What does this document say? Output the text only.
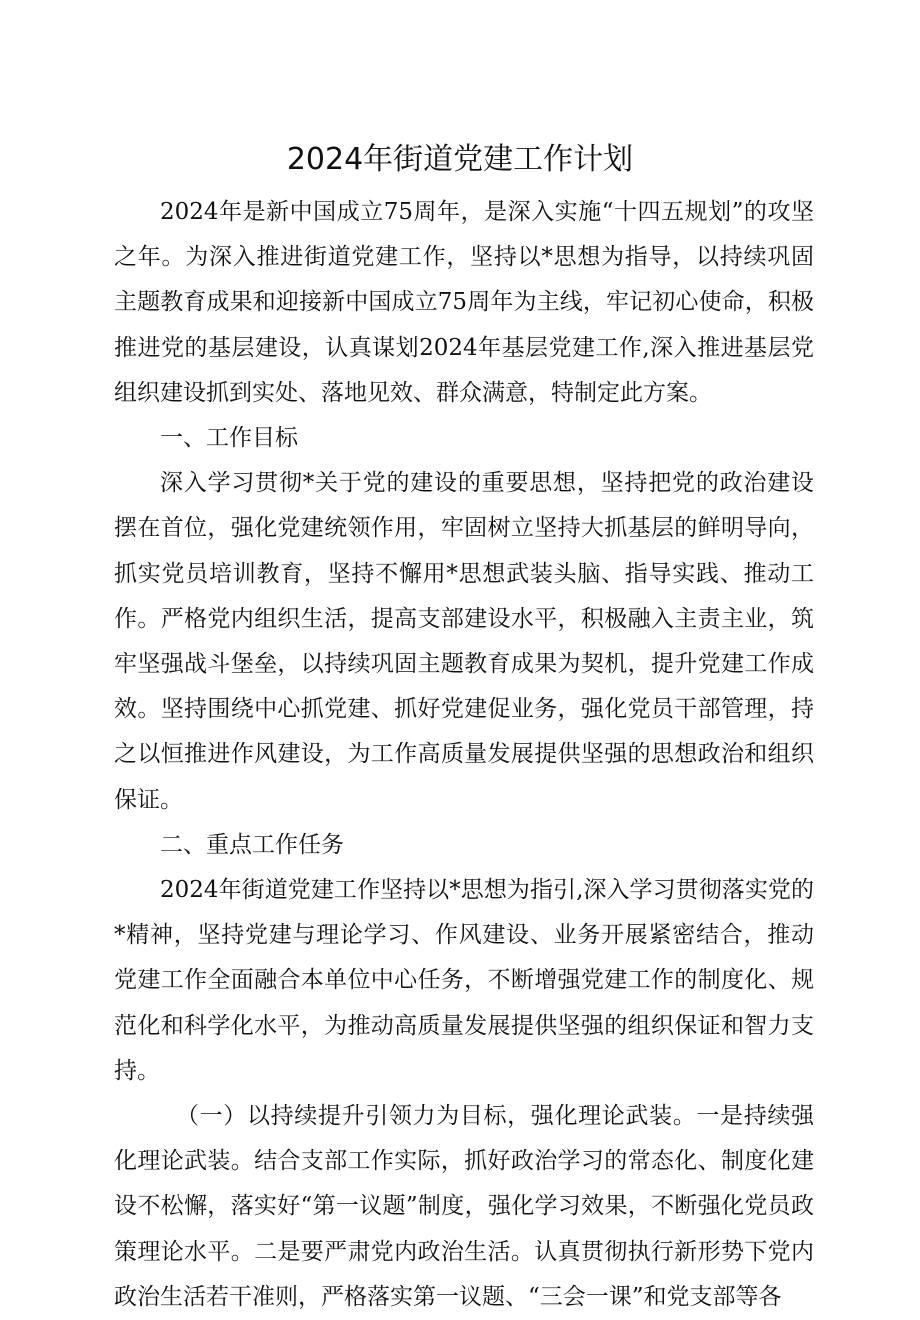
2024年街道党建工作计划

2024年是新中国成立75周年，是深入实施“十四五规划”的攻坚之年。为深入推进街道党建工作，坚持以*思想为指导，以持续巩固主题教育成果和迎接新中国成立75周年为主线，牢记初心使命，积极推进党的基层建设，认真谋划2024年基层党建工作,深入推进基层党组织建设抓到实处、落地见效、群众满意，特制定此方案。

一、工作目标

深入学习贯彻*关于党的建设的重要思想，坚持把党的政治建设摆在首位，强化党建统领作用，牢固树立坚持大抓基层的鲜明导向，抓实党员培训教育，坚持不懈用*思想武装头脑、指导实践、推动工作。严格党内组织生活，提高支部建设水平，积极融入主责主业，筑牢坚强战斗堡垒，以持续巩固主题教育成果为契机，提升党建工作成效。坚持围绕中心抓党建、抓好党建促业务，强化党员干部管理，持之以恒推进作风建设，为工作高质量发展提供坚强的思想政治和组织保证。

二、重点工作任务

2024年街道党建工作坚持以*思想为指引,深入学习贯彻落实党的*精神，坚持党建与理论学习、作风建设、业务开展紧密结合，推动党建工作全面融合本单位中心任务，不断增强党建工作的制度化、规范化和科学化水平，为推动高质量发展提供坚强的组织保证和智力支持。

（一）以持续提升引领力为目标，强化理论武装。一是持续强化理论武装。结合支部工作实际，抓好政治学习的常态化、制度化建设不松懈，落实好“第一议题”制度，强化学习效果，不断强化党员政策理论水平。二是要严肃党内政治生活。认真贯彻执行新形势下党内政治生活若干准则，严格落实第一议题、“三会一课”和党支部等各
